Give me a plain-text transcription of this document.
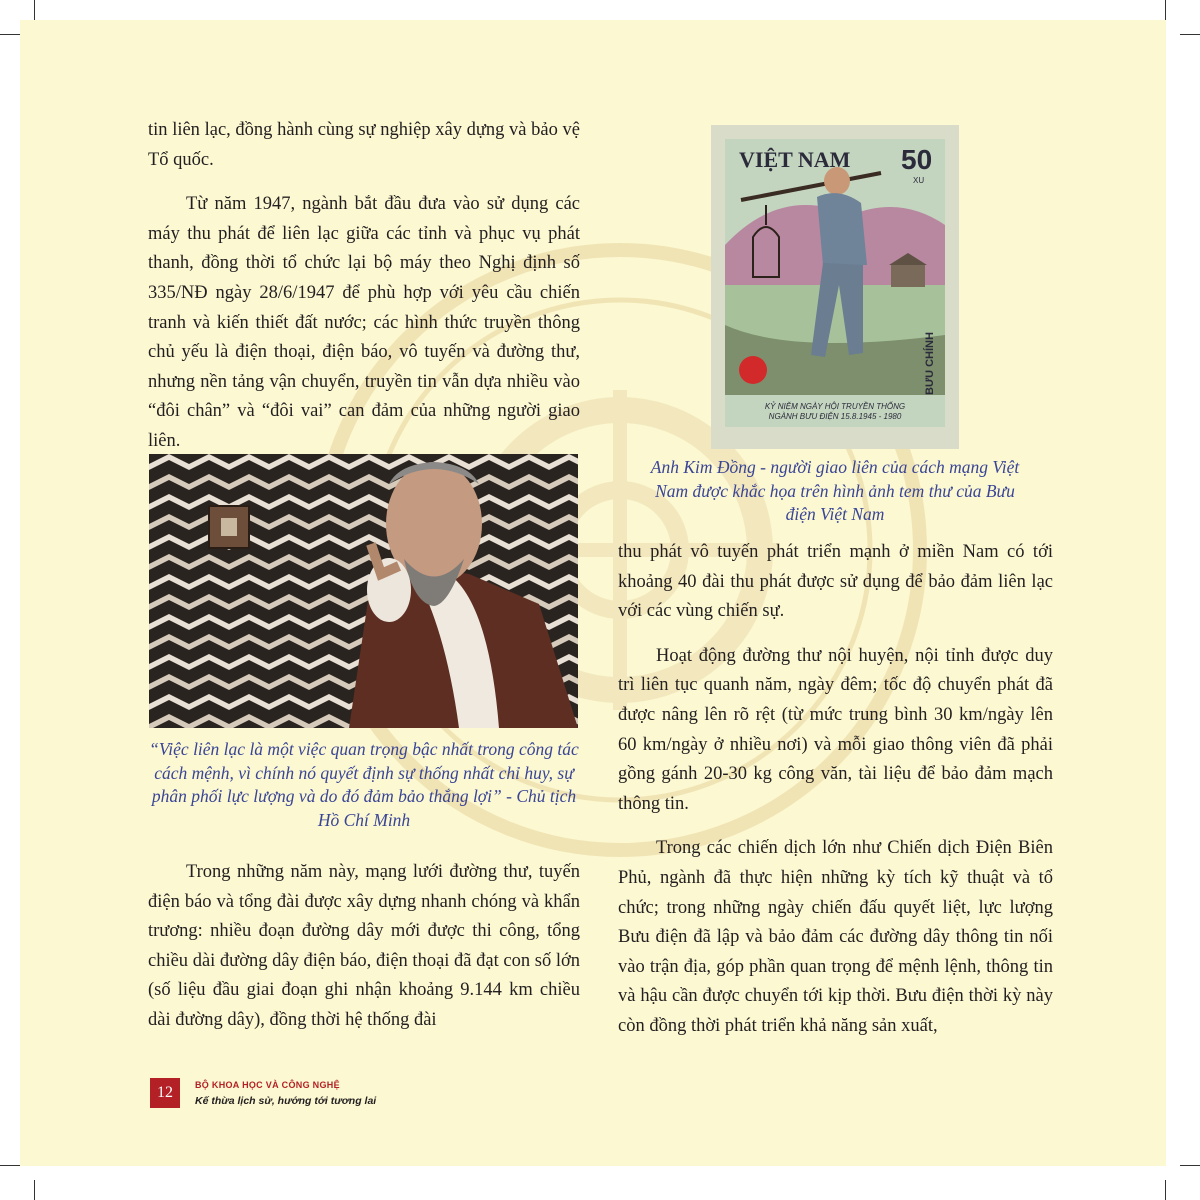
tin liên lạc, đồng hành cùng sự nghiệp xây dựng và bảo vệ Tổ quốc.

Từ năm 1947, ngành bắt đầu đưa vào sử dụng các máy thu phát để liên lạc giữa các tỉnh và phục vụ phát thanh, đồng thời tổ chức lại bộ máy theo Nghị định số 335/NĐ ngày 28/6/1947 để phù hợp với yêu cầu chiến tranh và kiến thiết đất nước; các hình thức truyền thông chủ yếu là điện thoại, điện báo, vô tuyến và đường thư, nhưng nền tảng vận chuyển, truyền tin vẫn dựa nhiều vào “đôi chân” và “đôi vai” can đảm của những người giao liên.

“Việc liên lạc là một việc quan trọng bậc nhất trong công tác cách mệnh, vì chính nó quyết định sự thống nhất chỉ huy, sự phân phối lực lượng và do đó đảm bảo thắng lợi” - Chủ tịch Hồ Chí Minh

Trong những năm này, mạng lưới đường thư, tuyến điện báo và tổng đài được xây dựng nhanh chóng và khẩn trương: nhiều đoạn đường dây mới được thi công, tổng chiều dài đường dây điện báo, điện thoại đã đạt con số lớn (số liệu đầu giai đoạn ghi nhận khoảng 9.144 km chiều dài đường dây), đồng thời hệ thống đài

VIỆT NAM 50
XU
BƯU CHÍNH
KỶ NIỆM NGÀY HỘI TRUYỀN THỐNG
NGÀNH BƯU ĐIỆN 15.8.1945 - 1980
Anh Kim Đồng - người giao liên của cách mạng Việt Nam được khắc họa trên hình ảnh tem thư của Bưu điện Việt Nam

thu phát vô tuyến phát triển mạnh ở miền Nam có tới khoảng 40 đài thu phát được sử dụng để bảo đảm liên lạc với các vùng chiến sự.

Hoạt động đường thư nội huyện, nội tỉnh được duy trì liên tục quanh năm, ngày đêm; tốc độ chuyển phát đã được nâng lên rõ rệt (từ mức trung bình 30 km/ngày lên 60 km/ngày ở nhiều nơi) và mỗi giao thông viên đã phải gồng gánh 20-30 kg công văn, tài liệu để bảo đảm mạch thông tin.

Trong các chiến dịch lớn như Chiến dịch Điện Biên Phủ, ngành đã thực hiện những kỳ tích kỹ thuật và tổ chức; trong những ngày chiến đấu quyết liệt, lực lượng Bưu điện đã lập và bảo đảm các đường dây thông tin nối vào trận địa, góp phần quan trọng để mệnh lệnh, thông tin và hậu cần được chuyển tới kịp thời. Bưu điện thời kỳ này còn đồng thời phát triển khả năng sản xuất,

12	BỘ KHOA HỌC VÀ CÔNG NGHỆ
Kế thừa lịch sử, hướng tới tương lai
